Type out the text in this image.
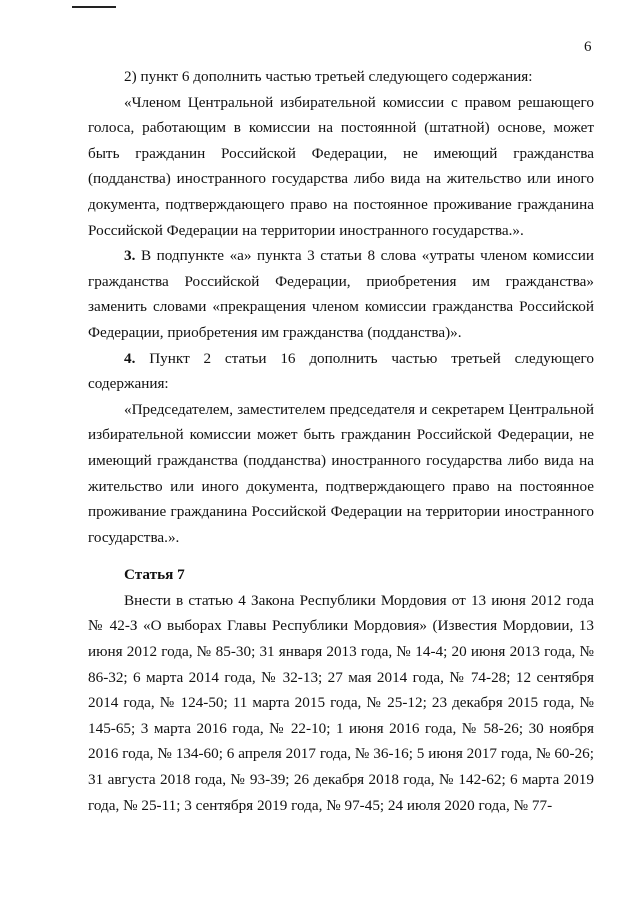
6

2) пункт 6 дополнить частью третьей следующего содержания:

«Членом Центральной избирательной комиссии с правом решающего голоса, работающим в комиссии на постоянной (штатной) основе, может быть гражданин Российской Федерации, не имеющий гражданства (подданства) иностранного государства либо вида на жительство или иного документа, подтверждающего право на постоянное проживание гражданина Российской Федерации на территории иностранного государства.».

3. В подпункте «а» пункта 3 статьи 8 слова «утраты членом комиссии гражданства Российской Федерации, приобретения им гражданства» заменить словами «прекращения членом комиссии гражданства Российской Федерации, приобретения им гражданства (подданства)».

4. Пункт 2 статьи 16 дополнить частью третьей следующего содержания:

«Председателем, заместителем председателя и секретарем Центральной избирательной комиссии может быть гражданин Российской Федерации, не имеющий гражданства (подданства) иностранного государства либо вида на жительство или иного документа, подтверждающего право на постоянное проживание гражданина Российской Федерации на территории иностранного государства.».

Статья 7

Внести в статью 4 Закона Республики Мордовия от 13 июня 2012 года № 42-З «О выборах Главы Республики Мордовия» (Известия Мордовии, 13 июня 2012 года, № 85-30; 31 января 2013 года, № 14-4; 20 июня 2013 года, № 86-32; 6 марта 2014 года, № 32-13; 27 мая 2014 года, № 74-28; 12 сентября 2014 года, № 124-50; 11 марта 2015 года, № 25-12; 23 декабря 2015 года, № 145-65; 3 марта 2016 года, № 22-10; 1 июня 2016 года, № 58-26; 30 ноября 2016 года, № 134-60; 6 апреля 2017 года, № 36-16; 5 июня 2017 года, № 60-26; 31 августа 2018 года, № 93-39; 26 декабря 2018 года, № 142-62; 6 марта 2019 года, № 25-11; 3 сентября 2019 года, № 97-45; 24 июля 2020 года, № 77-
